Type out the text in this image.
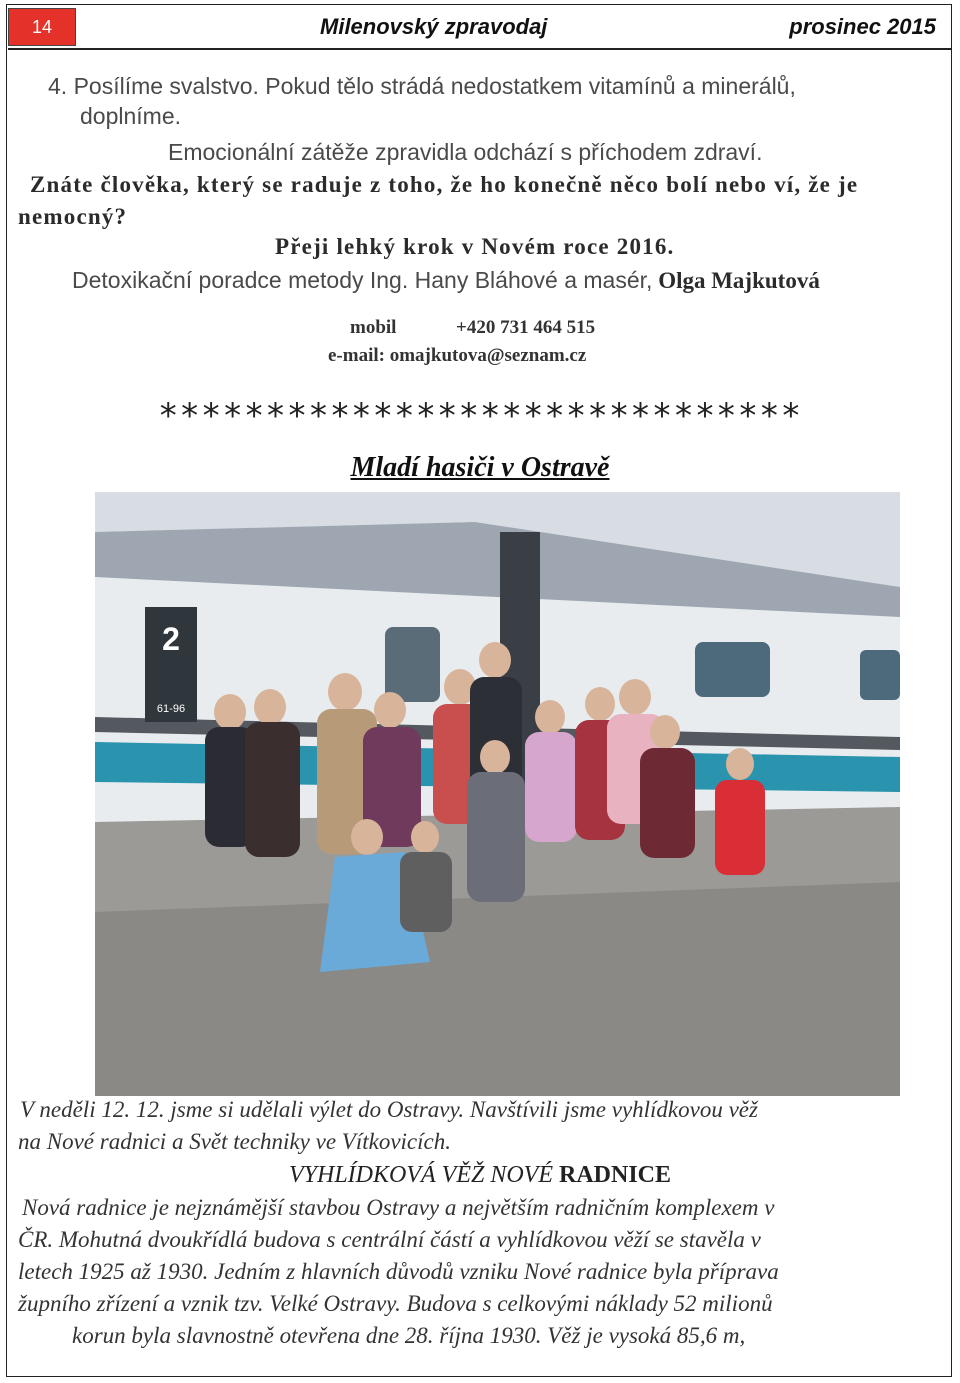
14	Milenovský zpravodaj	prosinec 2015
4. Posílíme svalstvo. Pokud tělo strádá nedostatkem vitamínů a minerálů,
doplníme.
Emocionální zátěže zpravidla odchází s příchodem zdraví.
Znáte člověka, který se raduje z toho, že ho konečně něco bolí nebo ví, že je
nemocný?
Přeji lehký krok v Novém roce 2016.
Detoxikační poradce metody Ing. Hany Bláhové a masér, Olga Majkutová
mobil	+420 731 464 515
e-mail: omajkutova@seznam.cz
******************************
Mladí hasiči v Ostravě
2
61-96
V neděli 12. 12. jsme si udělali výlet do Ostravy. Navštívili jsme vyhlídkovou věž
na Nové radnici a Svět techniky ve Vítkovicích.
VYHLÍDKOVÁ VĚŽ NOVÉ RADNICE
Nová radnice je nejznámější stavbou Ostravy a největším radničním komplexem v
ČR. Mohutná dvoukřídlá budova s centrální částí a vyhlídkovou věží se stavěla v
letech 1925 až 1930. Jedním z hlavních důvodů vzniku Nové radnice byla příprava
župního zřízení a vznik tzv. Velké Ostravy. Budova s celkovými náklady 52 milionů
korun byla slavnostně otevřena dne 28. října 1930. Věž je vysoká 85,6 m,
